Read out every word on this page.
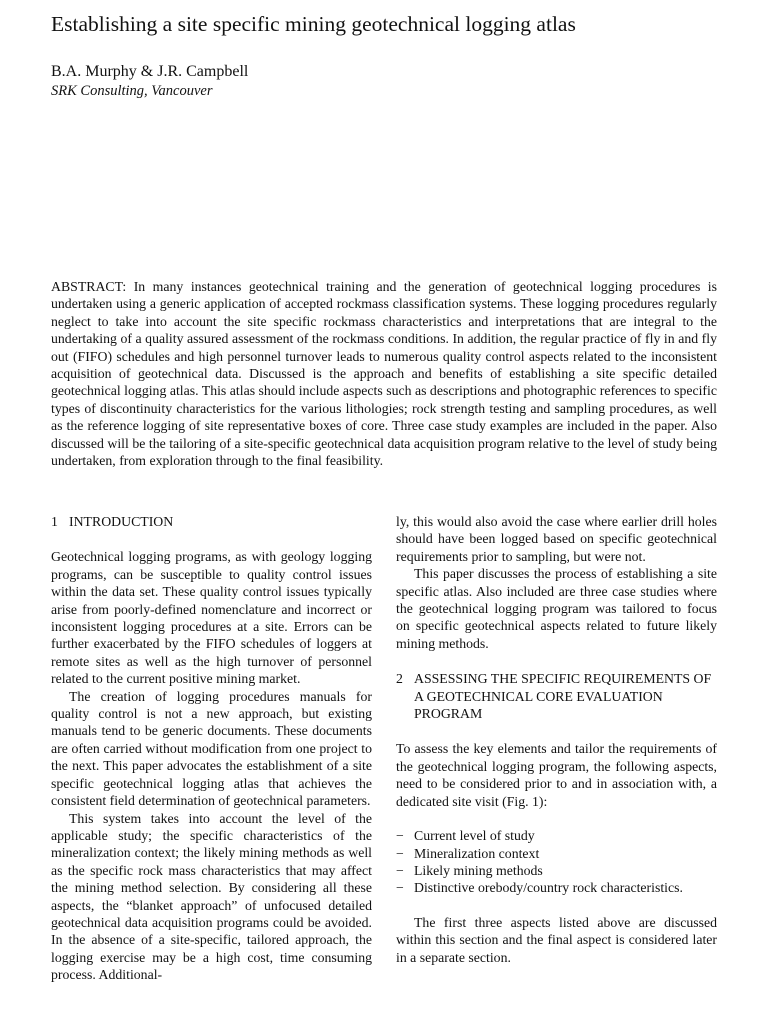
Establishing a site specific mining geotechnical logging atlas

B.A. Murphy & J.R. Campbell

SRK Consulting, Vancouver

ABSTRACT: In many instances geotechnical training and the generation of geotechnical logging procedures is undertaken using a generic application of accepted rockmass classification systems. These logging procedures regularly neglect to take into account the site specific rockmass characteristics and interpretations that are integral to the undertaking of a quality assured assessment of the rockmass conditions. In addition, the regular practice of fly in and fly out (FIFO) schedules and high personnel turnover leads to numerous quality control aspects related to the inconsistent acquisition of geotechnical data. Discussed is the approach and benefits of establishing a site specific detailed geotechnical logging atlas. This atlas should include aspects such as descriptions and photographic references to specific types of discontinuity characteristics for the various lithologies; rock strength testing and sampling procedures, as well as the reference logging of site representative boxes of core. Three case study examples are included in the paper. Also discussed will be the tailoring of a site-specific geotechnical data acquisition program relative to the level of study being undertaken, from exploration through to the final feasibility.

1 INTRODUCTION

Geotechnical logging programs, as with geology logging programs, can be susceptible to quality control issues within the data set. These quality control issues typically arise from poorly-defined nomenclature and incorrect or inconsistent logging procedures at a site. Errors can be further exacerbated by the FIFO schedules of loggers at remote sites as well as the high turnover of personnel related to the current positive mining market.

The creation of logging procedures manuals for quality control is not a new approach, but existing manuals tend to be generic documents. These documents are often carried without modification from one project to the next. This paper advocates the establishment of a site specific geotechnical logging atlas that achieves the consistent field determination of geotechnical parameters.

This system takes into account the level of the applicable study; the specific characteristics of the mineralization context; the likely mining methods as well as the specific rock mass characteristics that may affect the mining method selection. By considering all these aspects, the “blanket approach” of unfocused detailed geotechnical data acquisition programs could be avoided. In the absence of a site-specific, tailored approach, the logging exercise may be a high cost, time consuming process. Additional-

ly, this would also avoid the case where earlier drill holes should have been logged based on specific geotechnical requirements prior to sampling, but were not.

This paper discusses the process of establishing a site specific atlas. Also included are three case studies where the geotechnical logging program was tailored to focus on specific geotechnical aspects related to future likely mining methods.

2 ASSESSING THE SPECIFIC REQUIREMENTS OF A GEOTECHNICAL CORE EVALUATION PROGRAM

To assess the key elements and tailor the requirements of the geotechnical logging program, the following aspects, need to be considered prior to and in association with, a dedicated site visit (Fig. 1):

− Current level of study
− Mineralization context
− Likely mining methods
− Distinctive orebody/country rock characteristics.

The first three aspects listed above are discussed within this section and the final aspect is considered later in a separate section.
